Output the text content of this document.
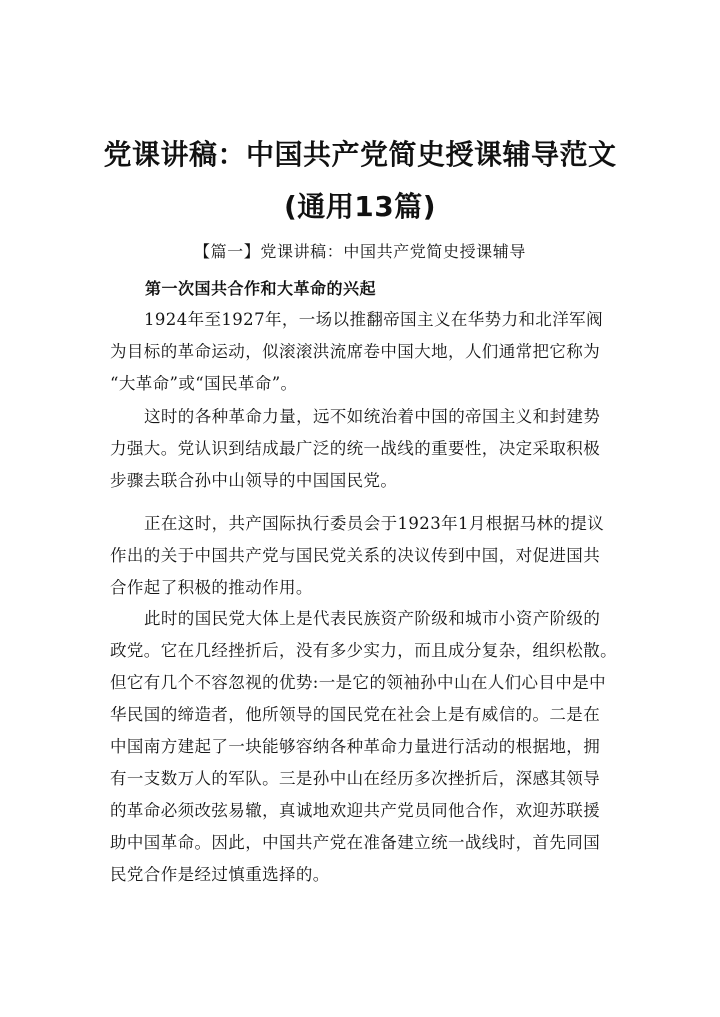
党课讲稿：中国共产党简史授课辅导范文
(通用13篇)
【篇一】党课讲稿：中国共产党简史授课辅导
第一次国共合作和大革命的兴起
1924年至1927年，一场以推翻帝国主义在华势力和北洋军阀
为目标的革命运动，似滚滚洪流席卷中国大地，人们通常把它称为
“大革命”或“国民革命”。
这时的各种革命力量，远不如统治着中国的帝国主义和封建势
力强大。党认识到结成最广泛的统一战线的重要性，决定采取积极
步骤去联合孙中山领导的中国国民党。
正在这时，共产国际执行委员会于1923年1月根据马林的提议
作出的关于中国共产党与国民党关系的决议传到中国，对促进国共
合作起了积极的推动作用。
此时的国民党大体上是代表民族资产阶级和城市小资产阶级的
政党。它在几经挫折后，没有多少实力，而且成分复杂，组织松散。
但它有几个不容忽视的优势:一是它的领袖孙中山在人们心目中是中
华民国的缔造者，他所领导的国民党在社会上是有威信的。二是在
中国南方建起了一块能够容纳各种革命力量进行活动的根据地，拥
有一支数万人的军队。三是孙中山在经历多次挫折后，深感其领导
的革命必须改弦易辙，真诚地欢迎共产党员同他合作，欢迎苏联援
助中国革命。因此，中国共产党在准备建立统一战线时，首先同国
民党合作是经过慎重选择的。
